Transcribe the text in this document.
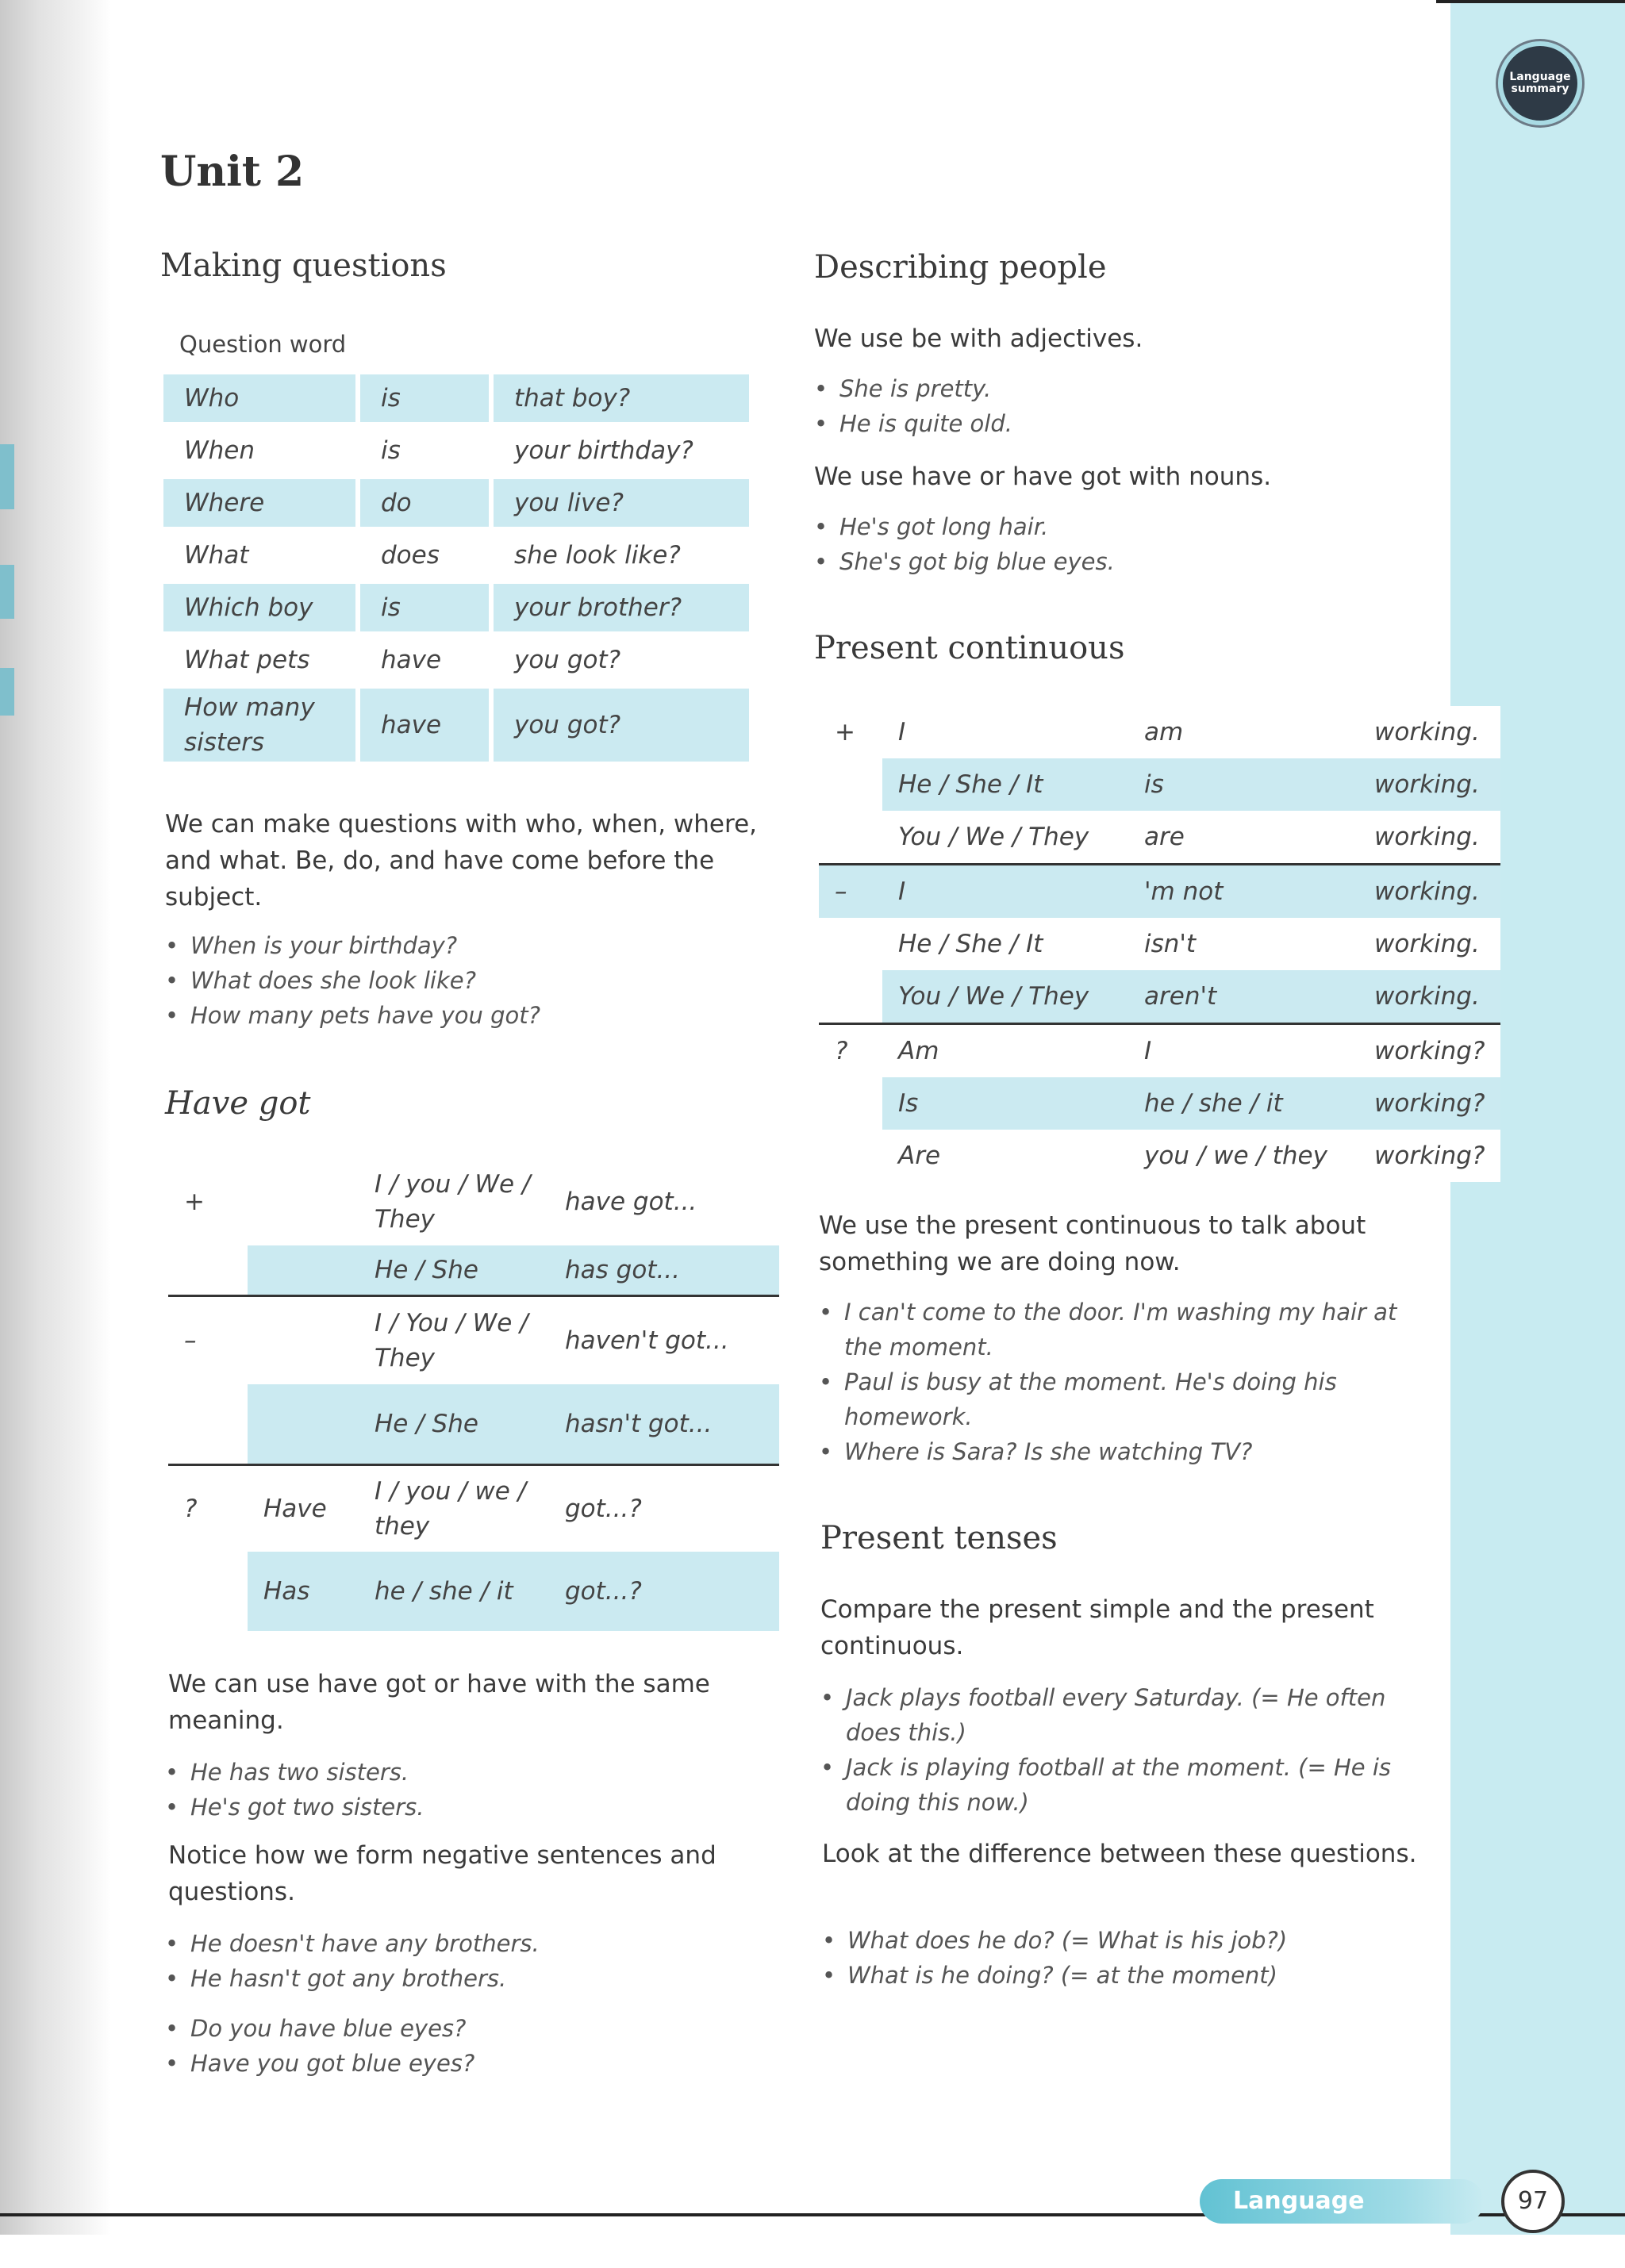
Language
summary
Unit 2
Making questions
Question word
Who	is	that boy?
When	is	your birthday?
Where	do	you live?
What	does	she look like?
Which boy	is	your brother?
What pets	have	you got?
How many sisters	have	you got?

We can make questions with who, when, where, and what. Be, do, and have come before the subject.

• When is your birthday?
• What does she look like?
• How many pets have you got?
Have got
+		I / you / We / They	have got...
		He / She	has got...
–		I / You / We / They	haven't got...
		He / She	hasn't got...
?	Have	I / you / we / they	got...?
	Has	he / she / it	got...?

We can use have got or have with the same meaning.

• He has two sisters.
• He's got two sisters.

Notice how we form negative sentences and questions.

• He doesn't have any brothers.
• He hasn't got any brothers.
• Do you have blue eyes?
• Have you got blue eyes?
Describing people

We use be with adjectives.

• She is pretty.
• He is quite old.

We use have or have got with nouns.

• He's got long hair.
• She's got big blue eyes.
Present continuous
+	I	am	working.
	He / She / It	is	working.
	You / We / They	are	working.
–	I	'm not	working.
	He / She / It	isn't	working.
	You / We / They	aren't	working.
?	Am	I	working?
	Is	he / she / it	working?
	Are	you / we / they	working?

We use the present continuous to talk about something we are doing now.

• I can't come to the door. I'm washing my hair at the moment.
• Paul is busy at the moment. He's doing his homework.
• Where is Sara? Is she watching TV?
Present tenses

Compare the present simple and the present continuous.

• Jack plays football every Saturday. (= He often does this.)
• Jack is playing football at the moment. (= He is doing this now.)

Look at the difference between these questions.

• What does he do? (= What is his job?)
• What is he doing? (= at the moment)
Language summary
97
